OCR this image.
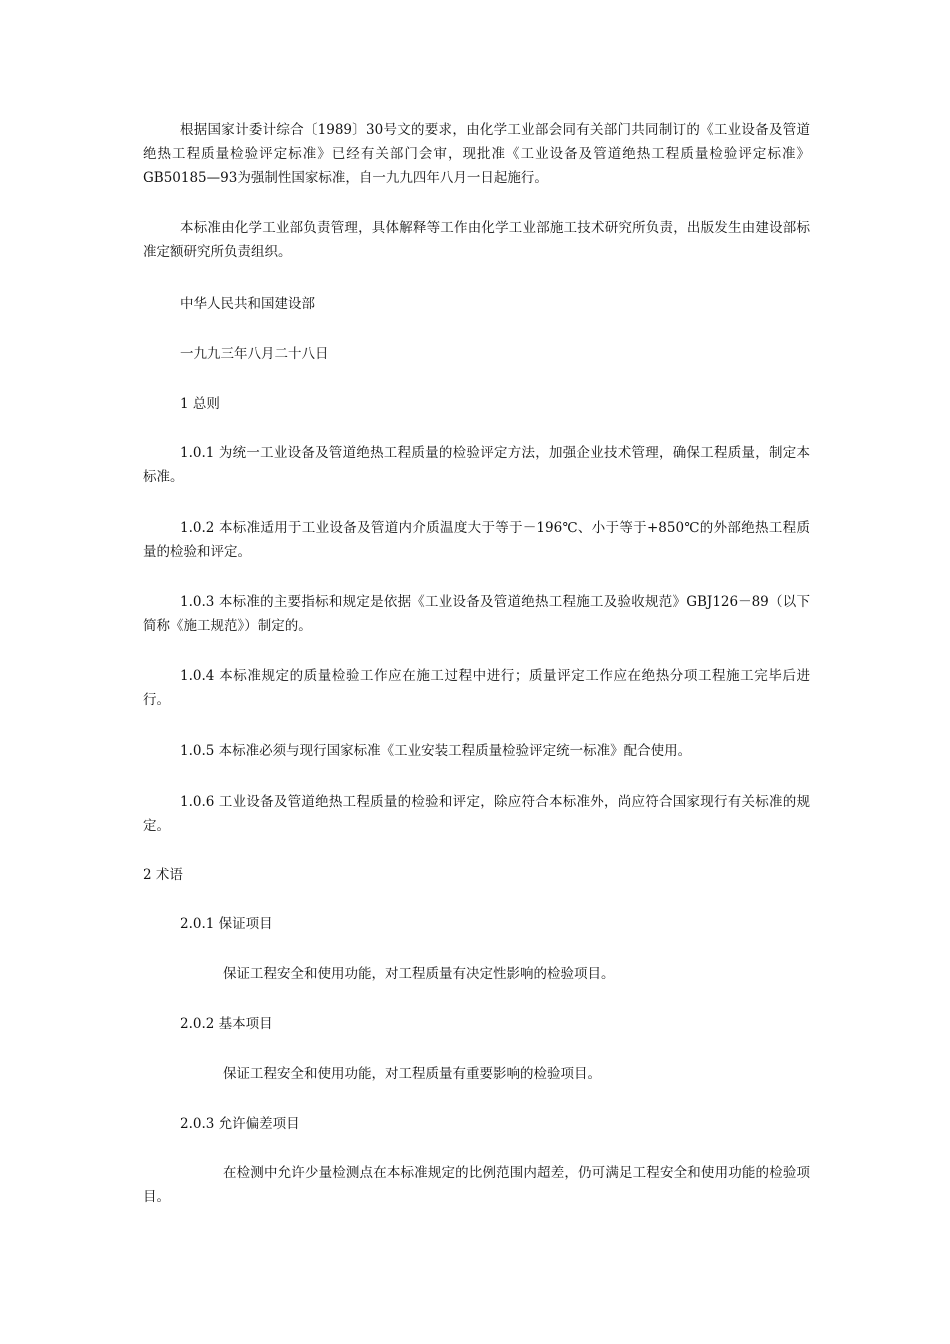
根据国家计委计综合〔1989〕30号文的要求，由化学工业部会同有关部门共同制订的《工业设备及管道绝热工程质量检验评定标准》已经有关部门会审，现批准《工业设备及管道绝热工程质量检验评定标准》GB50185—93为强制性国家标准，自一九九四年八月一日起施行。

本标准由化学工业部负责管理，具体解释等工作由化学工业部施工技术研究所负责，出版发生由建设部标准定额研究所负责组织。

中华人民共和国建设部

一九九三年八月二十八日

1 总则

1.0.1 为统一工业设备及管道绝热工程质量的检验评定方法，加强企业技术管理，确保工程质量，制定本标准。

1.0.2 本标准适用于工业设备及管道内介质温度大于等于－196℃、小于等于+850℃的外部绝热工程质量的检验和评定。

1.0.3 本标准的主要指标和规定是依据《工业设备及管道绝热工程施工及验收规范》GBJ126－89（以下简称《施工规范》）制定的。

1.0.4 本标准规定的质量检验工作应在施工过程中进行；质量评定工作应在绝热分项工程施工完毕后进行。

1.0.5 本标准必须与现行国家标准《工业安装工程质量检验评定统一标准》配合使用。

1.0.6 工业设备及管道绝热工程质量的检验和评定，除应符合本标准外，尚应符合国家现行有关标准的规定。

2 术语

2.0.1 保证项目

保证工程安全和使用功能，对工程质量有决定性影响的检验项目。

2.0.2 基本项目

保证工程安全和使用功能，对工程质量有重要影响的检验项目。

2.0.3 允许偏差项目

在检测中允许少量检测点在本标准规定的比例范围内超差，仍可满足工程安全和使用功能的检验项目。
